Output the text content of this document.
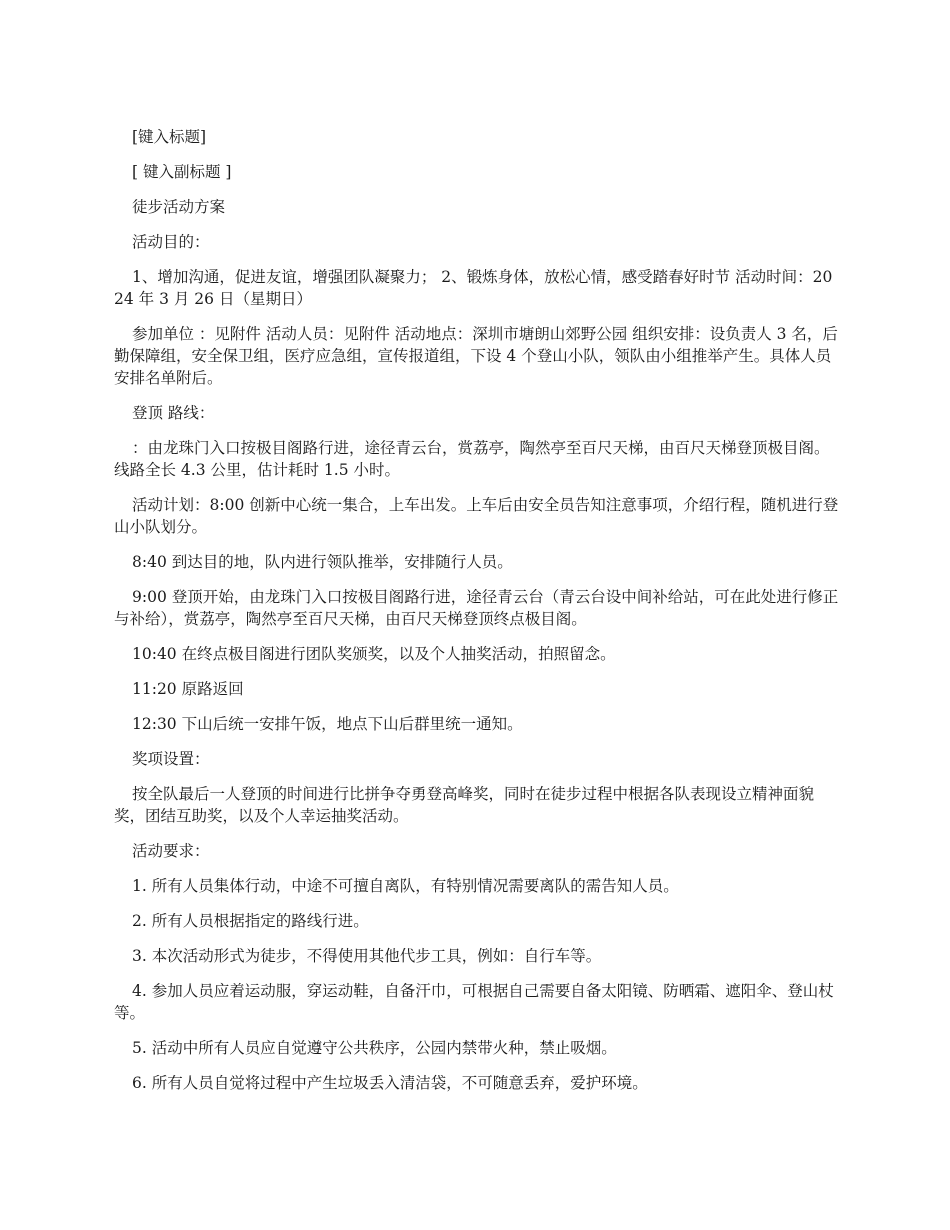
[键入标题]

[ 键入副标题 ]

徒步活动方案

活动目的：

1、增加沟通，促进友谊，增强团队凝聚力； 2、锻炼身体，放松心情，感受踏春好时节 活动时间：2024 年 3 月 26 日（星期日）

参加单位 ：见附件 活动人员：见附件 活动地点：深圳市塘朗山郊野公园 组织安排：设负责人 3 名，后勤保障组，安全保卫组，医疗应急组，宣传报道组，下设 4 个登山小队，领队由小组推举产生。具体人员安排名单附后。

登顶 路线：

：由龙珠门入口按极目阁路行进，途径青云台，赏荔亭，陶然亭至百尺天梯，由百尺天梯登顶极目阁。线路全长 4.3 公里，估计耗时 1.5 小时。

活动计划：8:00 创新中心统一集合，上车出发。上车后由安全员告知注意事项，介绍行程，随机进行登山小队划分。

8:40 到达目的地，队内进行领队推举，安排随行人员。

9:00 登顶开始，由龙珠门入口按极目阁路行进，途径青云台（青云台设中间补给站，可在此处进行修正与补给），赏荔亭，陶然亭至百尺天梯，由百尺天梯登顶终点极目阁。

10:40 在终点极目阁进行团队奖颁奖，以及个人抽奖活动，拍照留念。

11:20 原路返回

12:30 下山后统一安排午饭，地点下山后群里统一通知。

奖项设置：

按全队最后一人登顶的时间进行比拼争夺勇登高峰奖，同时在徒步过程中根据各队表现设立精神面貌奖，团结互助奖，以及个人幸运抽奖活动。

活动要求：

1. 所有人员集体行动，中途不可擅自离队，有特别情况需要离队的需告知人员。

2. 所有人员根据指定的路线行进。

3. 本次活动形式为徒步，不得使用其他代步工具，例如：自行车等。

4. 参加人员应着运动服，穿运动鞋，自备汗巾，可根据自己需要自备太阳镜、防晒霜、遮阳伞、登山杖等。

5. 活动中所有人员应自觉遵守公共秩序，公园内禁带火种，禁止吸烟。

6. 所有人员自觉将过程中产生垃圾丢入清洁袋，不可随意丢弃，爱护环境。
